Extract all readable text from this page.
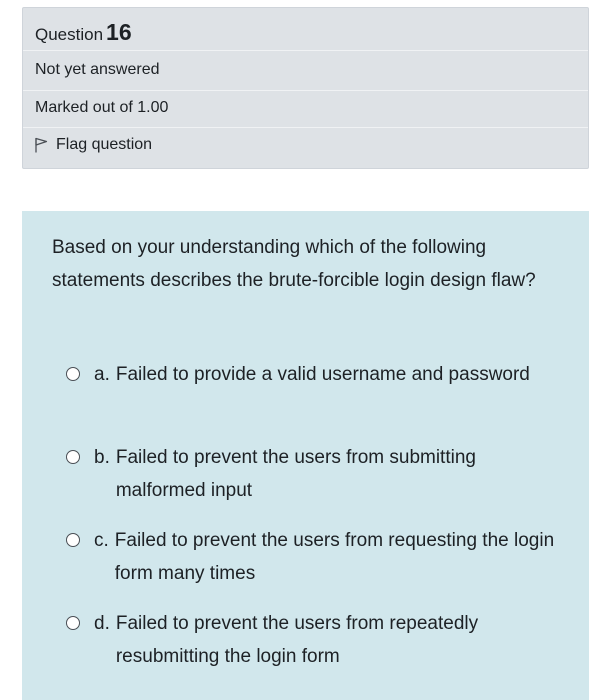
Question 16
Not yet answered
Marked out of 1.00
Flag question
Based on your understanding which of the following statements describes the brute-forcible login design flaw?
a. Failed to provide a valid username and password
b. Failed to prevent the users from submitting malformed input
c. Failed to prevent the users from requesting the login form many times
d. Failed to prevent the users from repeatedly resubmitting the login form
